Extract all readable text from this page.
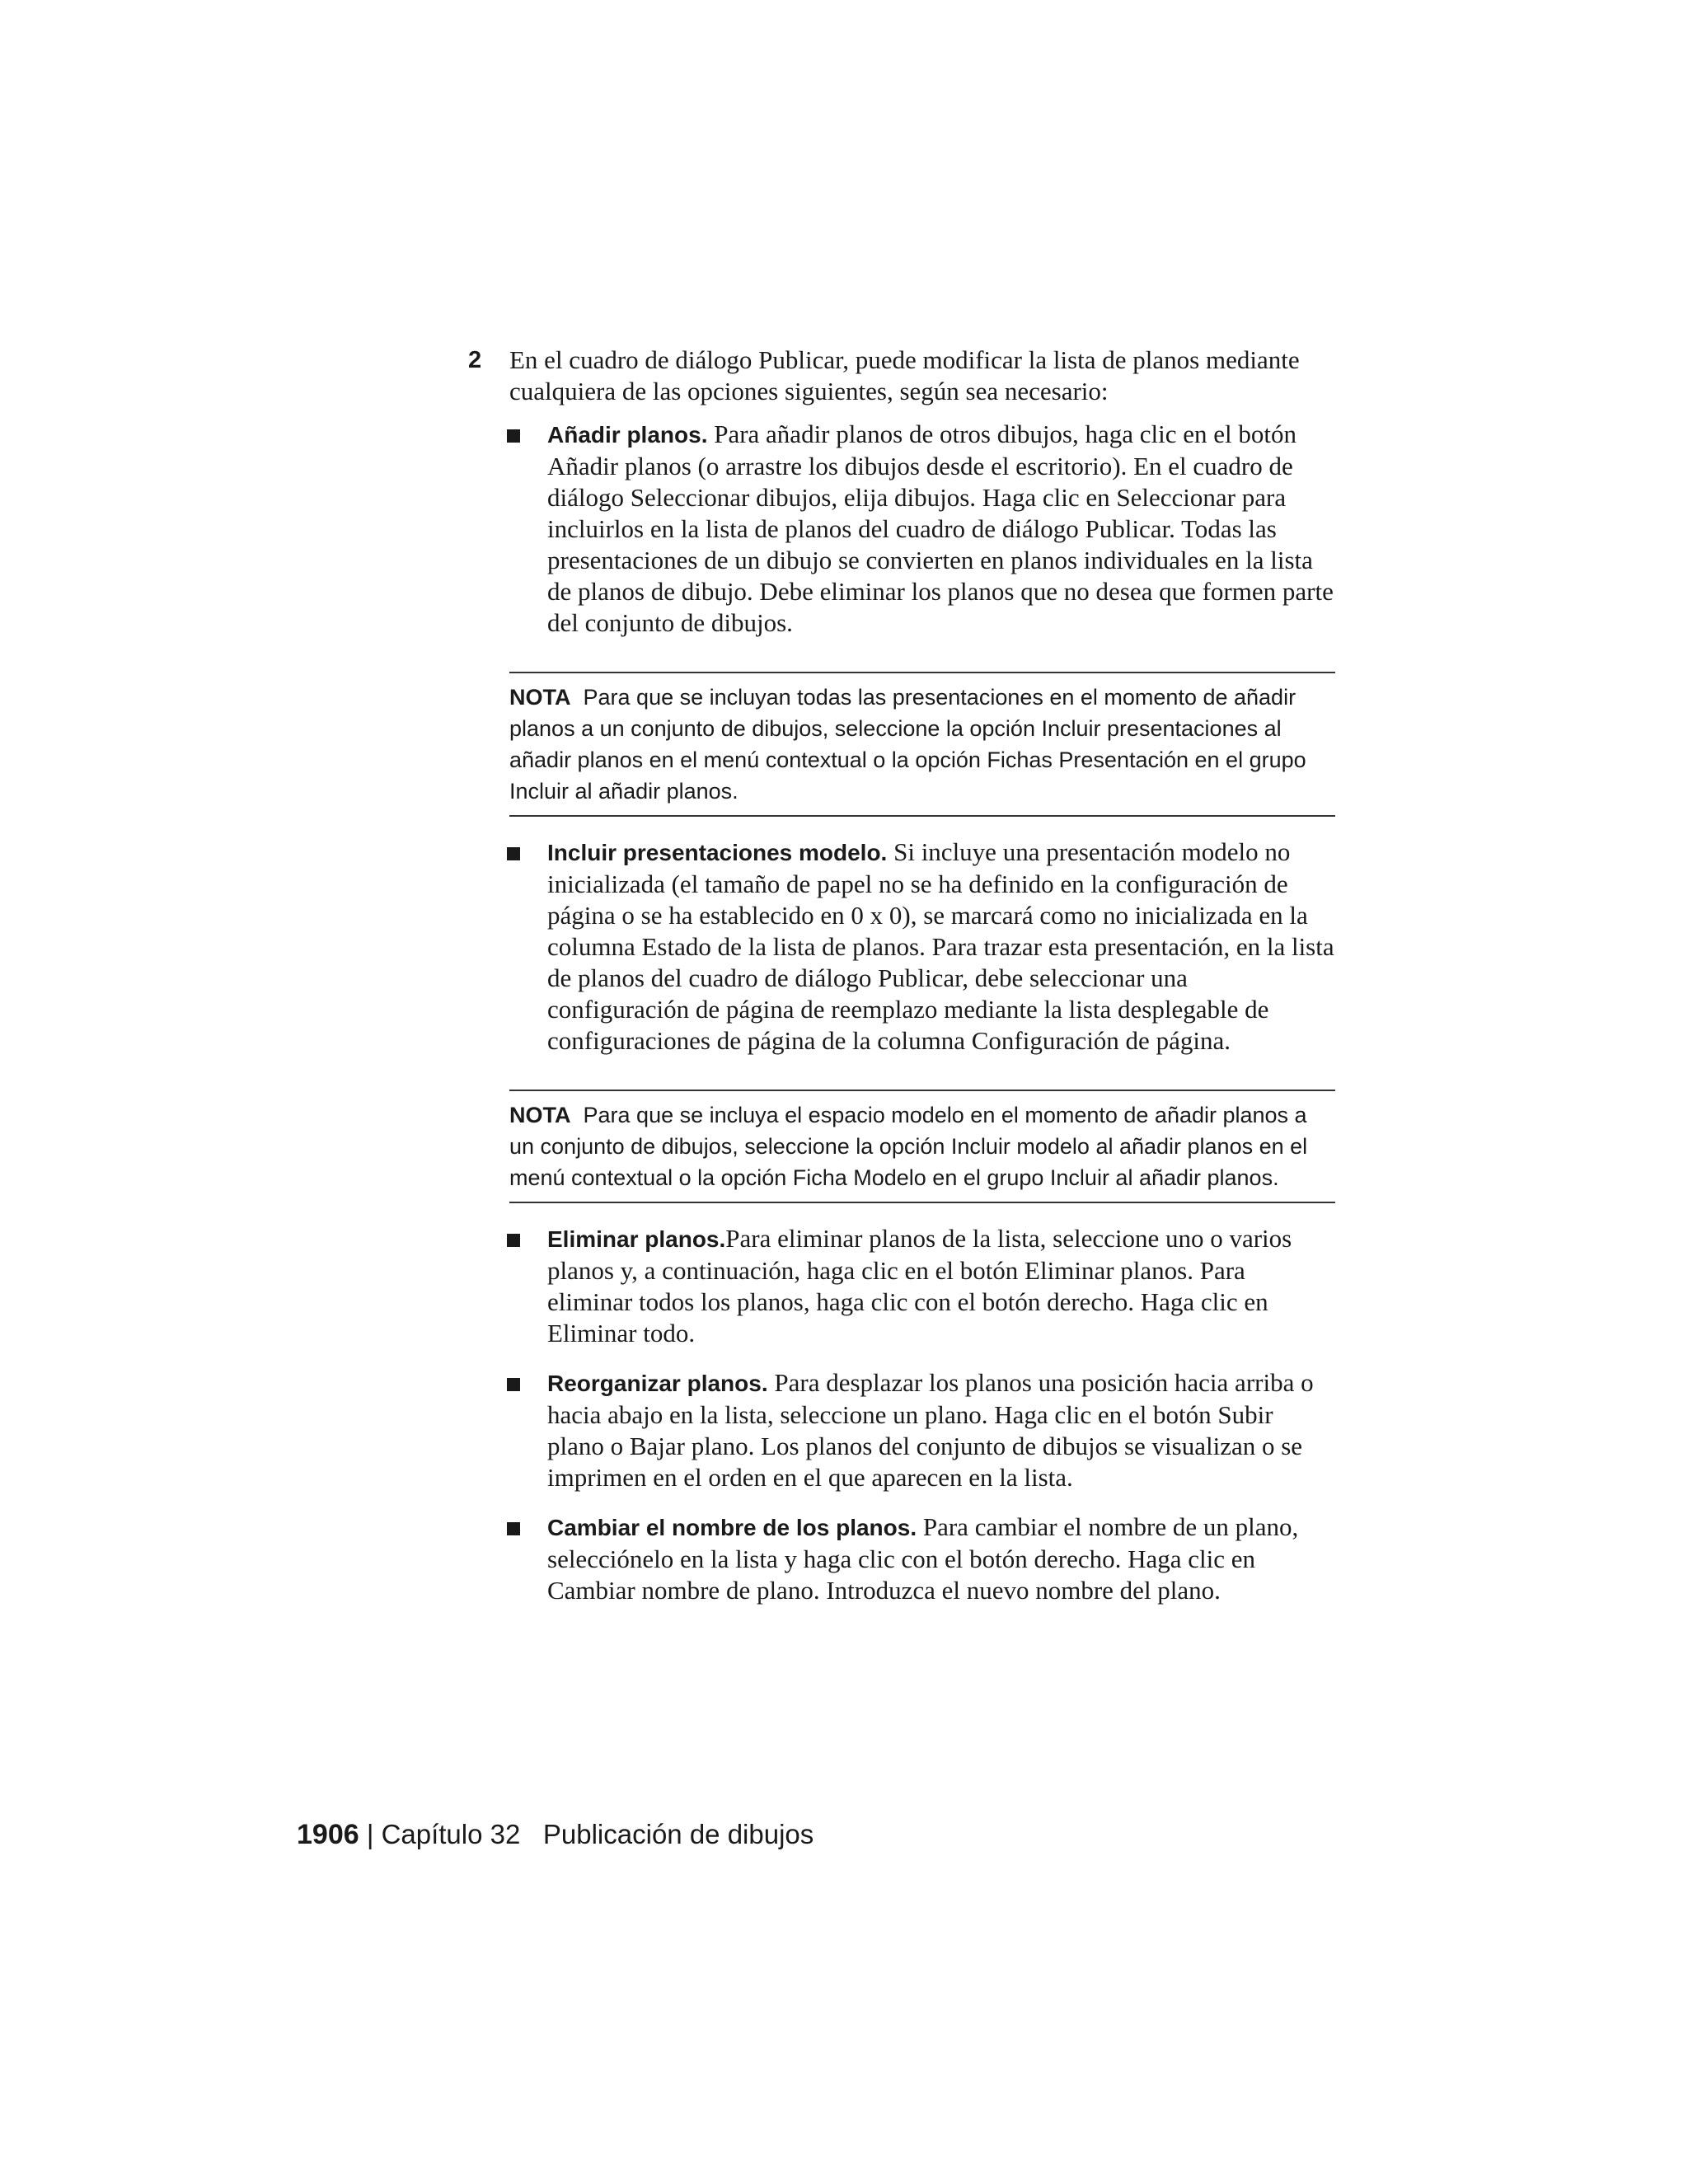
2 En el cuadro de diálogo Publicar, puede modificar la lista de planos mediante cualquiera de las opciones siguientes, según sea necesario:
Añadir planos. Para añadir planos de otros dibujos, haga clic en el botón Añadir planos (o arrastre los dibujos desde el escritorio). En el cuadro de diálogo Seleccionar dibujos, elija dibujos. Haga clic en Seleccionar para incluirlos en la lista de planos del cuadro de diálogo Publicar. Todas las presentaciones de un dibujo se convierten en planos individuales en la lista de planos de dibujo. Debe eliminar los planos que no desea que formen parte del conjunto de dibujos.
NOTA Para que se incluyan todas las presentaciones en el momento de añadir planos a un conjunto de dibujos, seleccione la opción Incluir presentaciones al añadir planos en el menú contextual o la opción Fichas Presentación en el grupo Incluir al añadir planos.
Incluir presentaciones modelo. Si incluye una presentación modelo no inicializada (el tamaño de papel no se ha definido en la configuración de página o se ha establecido en 0 x 0), se marcará como no inicializada en la columna Estado de la lista de planos. Para trazar esta presentación, en la lista de planos del cuadro de diálogo Publicar, debe seleccionar una configuración de página de reemplazo mediante la lista desplegable de configuraciones de página de la columna Configuración de página.
NOTA Para que se incluya el espacio modelo en el momento de añadir planos a un conjunto de dibujos, seleccione la opción Incluir modelo al añadir planos en el menú contextual o la opción Ficha Modelo en el grupo Incluir al añadir planos.
Eliminar planos.Para eliminar planos de la lista, seleccione uno o varios planos y, a continuación, haga clic en el botón Eliminar planos. Para eliminar todos los planos, haga clic con el botón derecho. Haga clic en Eliminar todo.
Reorganizar planos. Para desplazar los planos una posición hacia arriba o hacia abajo en la lista, seleccione un plano. Haga clic en el botón Subir plano o Bajar plano. Los planos del conjunto de dibujos se visualizan o se imprimen en el orden en el que aparecen en la lista.
Cambiar el nombre de los planos. Para cambiar el nombre de un plano, selecciónelo en la lista y haga clic con el botón derecho. Haga clic en Cambiar nombre de plano. Introduzca el nuevo nombre del plano.
1906 | Capítulo 32 Publicación de dibujos
